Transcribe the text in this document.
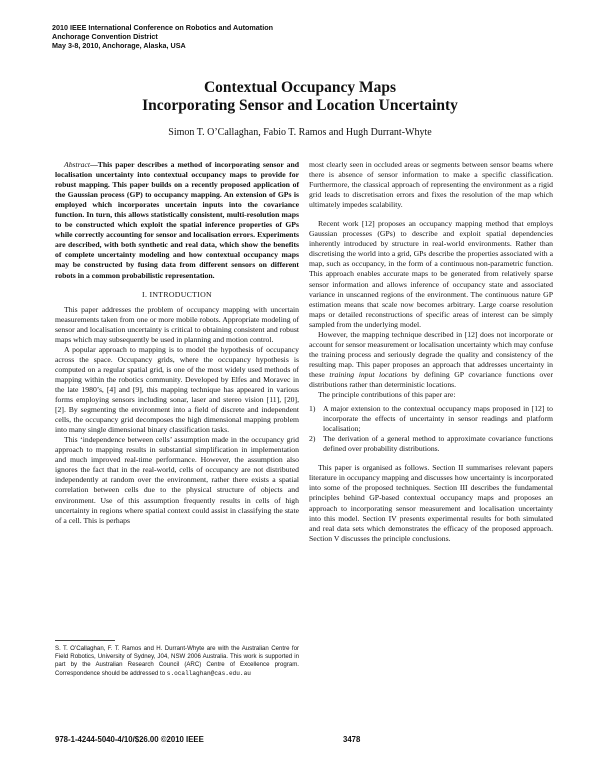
2010 IEEE International Conference on Robotics and Automation
Anchorage Convention District
May 3-8, 2010, Anchorage, Alaska, USA
Contextual Occupancy Maps
Incorporating Sensor and Location Uncertainty
Simon T. O’Callaghan, Fabio T. Ramos and Hugh Durrant-Whyte

Abstract—This paper describes a method of incorporating sensor and localisation uncertainty into contextual occupancy maps to provide for robust mapping. This paper builds on a recently proposed application of the Gaussian process (GP) to occupancy mapping. An extension of GPs is employed which incorporates uncertain inputs into the covariance function. In turn, this allows statistically consistent, multi-resolution maps to be constructed which exploit the spatial inference properties of GPs while correctly accounting for sensor and localisation errors. Experiments are described, with both synthetic and real data, which show the benefits of complete uncertainty modeling and how contextual occupancy maps may be constructed by fusing data from different sensors on different robots in a common probabilistic representation.

I. INTRODUCTION

This paper addresses the problem of occupancy mapping with uncertain measurements taken from one or more mobile robots. Appropriate modeling of sensor and localisation uncertainty is critical to obtaining consistent and robust maps which may subsequently be used in planning and motion control.

A popular approach to mapping is to model the hypothesis of occupancy across the space. Occupancy grids, where the occupancy hypothesis is computed on a regular spatial grid, is one of the most widely used methods of mapping within the robotics community. Developed by Elfes and Moravec in the late 1980’s, [4] and [9], this mapping technique has appeared in various forms employing sensors including sonar, laser and stereo vision [11], [20], [2]. By segmenting the environment into a field of discrete and independent cells, the occupancy grid decomposes the high dimensional mapping problem into many single dimensional binary classification tasks.

This ‘independence between cells’ assumption made in the occupancy grid approach to mapping results in substantial simplification in implementation and much improved real-time performance. However, the assumption also ignores the fact that in the real-world, cells of occupancy are not distributed independently at random over the environment, rather there exists a spatial correlation between cells due to the physical structure of objects and environment. Use of this assumption frequently results in cells of high uncertainty in regions where spatial context could assist in classifying the state of a cell. This is perhaps

S. T. O’Callaghan, F. T. Ramos and H. Durrant-Whyte are with the Australian Centre for Field Robotics, University of Sydney, J04, NSW 2006 Australia. This work is supported in part by the Australian Research Council (ARC) Centre of Excellence program. Correspondence should be addressed to s.ocallaghan@cas.edu.au

most clearly seen in occluded areas or segments between sensor beams where there is absence of sensor information to make a specific classification. Furthermore, the classical approach of representing the environment as a rigid grid leads to discretisation errors and fixes the resolution of the map which ultimately impedes scalability.

Recent work [12] proposes an occupancy mapping method that employs Gaussian processes (GPs) to describe and exploit spatial dependencies inherently introduced by structure in real-world environments. Rather than discretising the world into a grid, GPs describe the properties associated with a map, such as occupancy, in the form of a continuous non-parametric function. This approach enables accurate maps to be generated from relatively sparse sensor information and allows inference of occupancy state and associated variance in unscanned regions of the environment. The continuous nature GP estimation means that scale now becomes arbitrary. Large coarse resolution maps or detailed reconstructions of specific areas of interest can be simply sampled from the underlying model.

However, the mapping technique described in [12] does not incorporate or account for sensor measurement or localisation uncertainty which may confuse the training process and seriously degrade the quality and consistency of the resulting map. This paper proposes an approach that addresses uncertainty in these training input locations by defining GP covariance functions over distributions rather than deterministic locations.

The principle contributions of this paper are:

1) A major extension to the contextual occupancy maps proposed in [12] to incorporate the effects of uncertainty in sensor readings and platform localisation;
2) The derivation of a general method to approximate covariance functions defined over probability distributions.

This paper is organised as follows. Section II summarises relevant papers literature in occupancy mapping and discusses how uncertainty is incorporated into some of the proposed techniques. Section III describes the fundamental principles behind GP-based contextual occupancy maps and proposes an approach to incorporating sensor measurement and localisation uncertainty into this model. Section IV presents experimental results for both simulated and real data sets which demonstrates the efficacy of the proposed approach. Section V discusses the principle conclusions.

978-1-4244-5040-4/10/$26.00 ©2010 IEEE	3478
